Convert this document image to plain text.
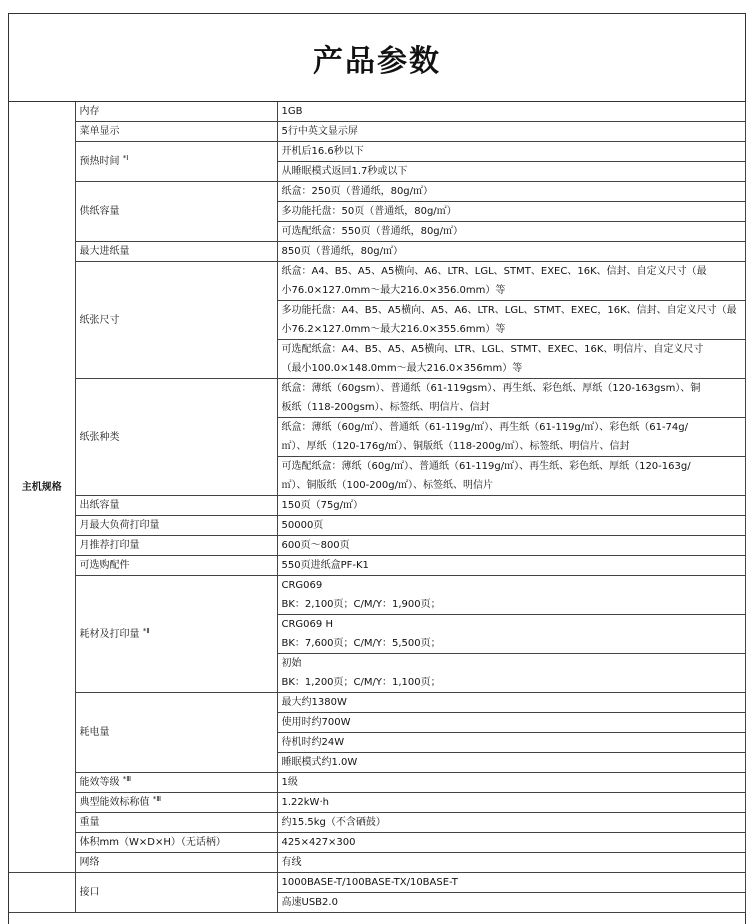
产品参数
主机规格	内存	1GB
	菜单显示	5行中英文显示屏
	预热时间 $^{*Ⅰ}$	开机后16.6秒以下
		从睡眠模式返回1.7秒或以下
	供纸容量	纸盒：250页（普通纸，80g/㎡）
		多功能托盘：50页（普通纸，80g/㎡）
		可选配纸盒：550页（普通纸，80g/㎡）
	最大进纸量	850页（普通纸，80g/㎡）
	纸张尺寸	纸盒：A4、B5、A5、A5横向、A6、LTR、LGL、STMT、EXEC、16K、信封、自定义尺寸（最
小76.0×127.0mm～最大216.0×356.0mm）等

		多功能托盘：A4、B5、A5横向、A5、A6、LTR、LGL、STMT、EXEC，16K、信封、自定义尺寸（最
小76.2×127.0mm～最大216.0×355.6mm）等

		可选配纸盒：A4、B5、A5、A5横向、LTR、LGL、STMT、EXEC、16K、明信片、自定义尺寸
（最小100.0×148.0mm～最大216.0×356mm）等

	纸张种类	纸盒：薄纸（60gsm）、普通纸（61-119gsm）、再生纸、彩色纸、厚纸（120-163gsm）、铜
板纸（118-200gsm）、标签纸、明信片、信封

		纸盒：薄纸（60g/㎡）、普通纸（61-119g/㎡）、再生纸（61-119g/㎡）、彩色纸（61-74g/
㎡）、厚纸（120-176g/㎡）、铜版纸（118-200g/㎡）、标签纸、明信片、信封

		可选配纸盒：薄纸（60g/㎡）、普通纸（61-119g/㎡）、再生纸、彩色纸、厚纸（120-163g/
㎡）、铜版纸（100-200g/㎡）、标签纸、明信片

	出纸容量	150页（75g/㎡）
	月最大负荷打印量	50000页
	月推荐打印量	600页～800页
	可选购配件	550页进纸盒PF-K1
	耗材及打印量 $^{*Ⅱ}$	CRG069
BK：2,100页；C/M/Y：1,900页；

		CRG069 H
BK：7,600页；C/M/Y：5,500页；

		初始
BK：1,200页；C/M/Y：1,100页；

	耗电量	最大约1380W
		使用时约700W
		待机时约24W
		睡眠模式约1.0W
	能效等级 $^{*Ⅲ}$	1级
	典型能效标称值 $^{*Ⅲ}$	1.22kW·h
	重量	约15.5kg（不含硒鼓）
	体积mm（W×D×H）（无话柄）	425×427×300
	网络	有线
	接口	1000BASE-T/100BASE-TX/10BASE-T
		高速USB2.0
